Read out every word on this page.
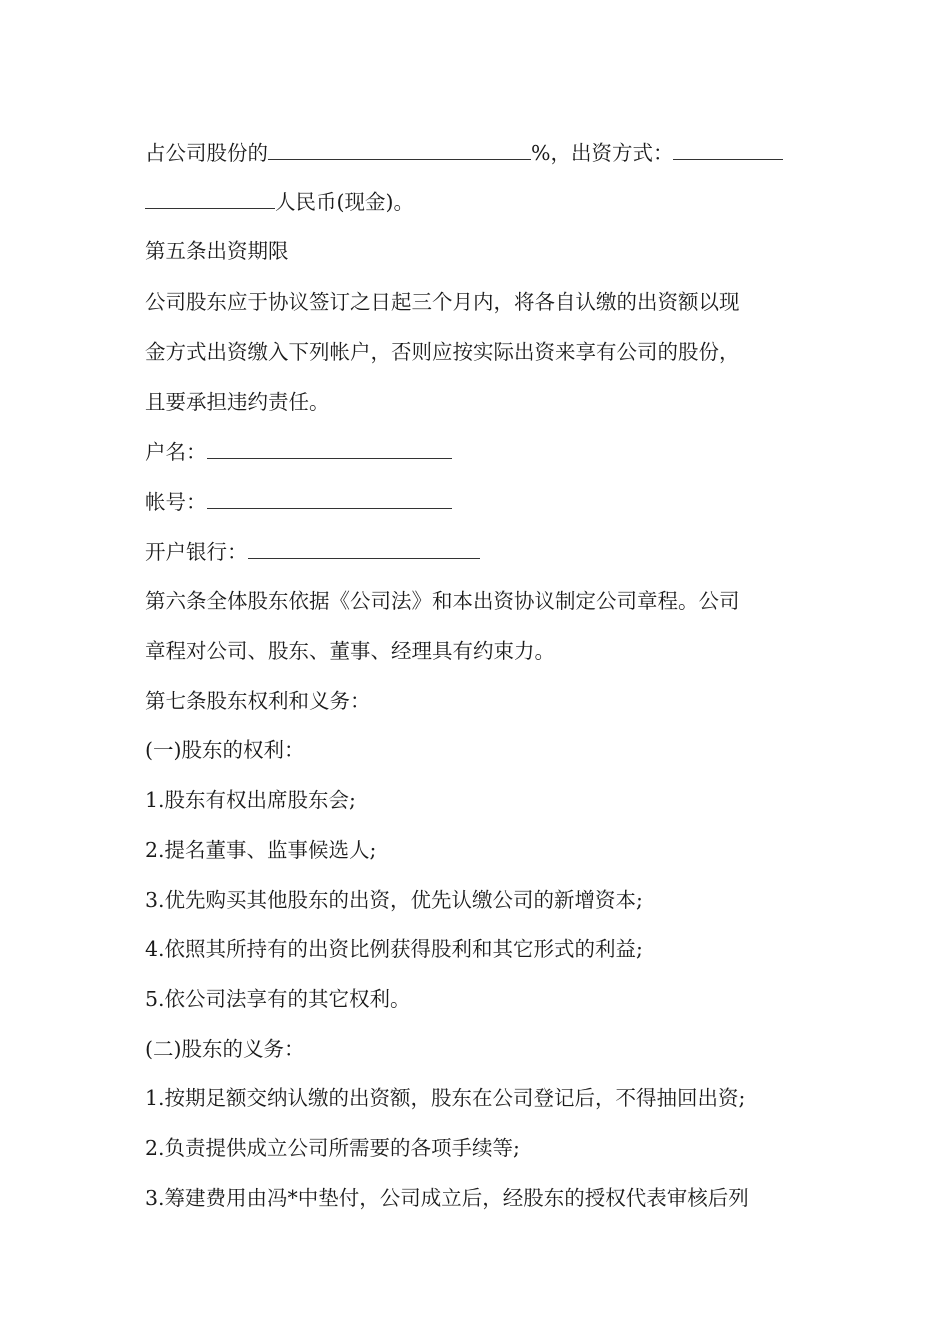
占公司股份的	%，出资方式：
人民币(现金)。
第五条出资期限
公司股东应于协议签订之日起三个月内，将各自认缴的出资额以现
金方式出资缴入下列帐户，否则应按实际出资来享有公司的股份，
且要承担违约责任。
户名：
帐号：
开户银行：
第六条全体股东依据《公司法》和本出资协议制定公司章程。公司
章程对公司、股东、董事、经理具有约束力。
第七条股东权利和义务：
(一)股东的权利：
1.股东有权出席股东会;
2.提名董事、监事候选人;
3.优先购买其他股东的出资，优先认缴公司的新增资本;
4.依照其所持有的出资比例获得股利和其它形式的利益;
5.依公司法享有的其它权利。
(二)股东的义务：
1.按期足额交纳认缴的出资额，股东在公司登记后，不得抽回出资;
2.负责提供成立公司所需要的各项手续等;
3.筹建费用由冯*中垫付，公司成立后，经股东的授权代表审核后列
